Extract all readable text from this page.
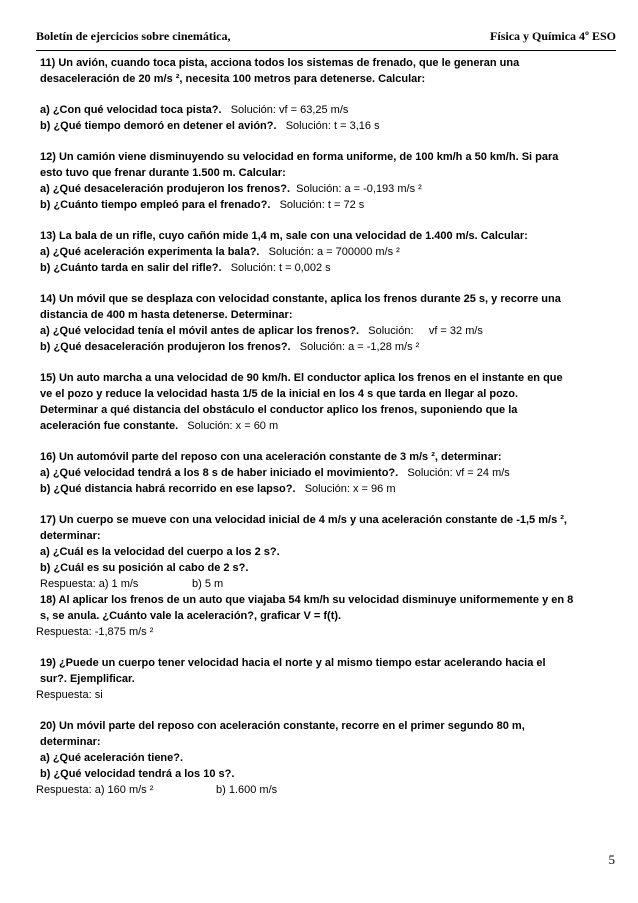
Boletín de ejercicios sobre cinemática,	Física y Química 4º ESO

11) Un avión, cuando toca pista, acciona todos los sistemas de frenado, que le generan una

desaceleración de 20 m/s ², necesita 100 metros para detenerse. Calcular:

a) ¿Con qué velocidad toca pista?. Solución: vf = 63,25 m/s

b) ¿Qué tiempo demoró en detener el avión?. Solución: t = 3,16 s

12) Un camión viene disminuyendo su velocidad en forma uniforme, de 100 km/h a 50 km/h. Si para

esto tuvo que frenar durante 1.500 m. Calcular:

a) ¿Qué desaceleración produjeron los frenos?. Solución: a = -0,193 m/s ²

b) ¿Cuánto tiempo empleó para el frenado?. Solución: t = 72 s

13) La bala de un rifle, cuyo cañón mide 1,4 m, sale con una velocidad de 1.400 m/s. Calcular:

a) ¿Qué aceleración experimenta la bala?. Solución: a = 700000 m/s ²

b) ¿Cuánto tarda en salir del rifle?. Solución: t = 0,002 s

14) Un móvil que se desplaza con velocidad constante, aplica los frenos durante 25 s, y recorre una

distancia de 400 m hasta detenerse. Determinar:

a) ¿Qué velocidad tenía el móvil antes de aplicar los frenos?. Solución:     vf = 32 m/s

b) ¿Qué desaceleración produjeron los frenos?. Solución: a = -1,28 m/s ²

15) Un auto marcha a una velocidad de 90 km/h. El conductor aplica los frenos en el instante en que

ve el pozo y reduce la velocidad hasta 1/5 de la inicial en los 4 s que tarda en llegar al pozo.

Determinar a qué distancia del obstáculo el conductor aplico los frenos, suponiendo que la

aceleración fue constante. Solución: x = 60 m

16) Un automóvil parte del reposo con una aceleración constante de 3 m/s ², determinar:

a) ¿Qué velocidad tendrá a los 8 s de haber iniciado el movimiento?. Solución: vf = 24 m/s

b) ¿Qué distancia habrá recorrido en ese lapso?. Solución: x = 96 m

17) Un cuerpo se mueve con una velocidad inicial de 4 m/s y una aceleración constante de -1,5 m/s ²,

determinar:

a) ¿Cuál es la velocidad del cuerpo a los 2 s?.

b) ¿Cuál es su posición al cabo de 2 s?.

Respuesta: a) 1 m/s	b) 5 m

18) Al aplicar los frenos de un auto que viajaba 54 km/h su velocidad disminuye uniformemente y en 8

s, se anula. ¿Cuánto vale la aceleración?, graficar V = f(t).

Respuesta: -1,875 m/s ²

19) ¿Puede un cuerpo tener velocidad hacia el norte y al mismo tiempo estar acelerando hacia el

sur?. Ejemplificar.

Respuesta: si

20) Un móvil parte del reposo con aceleración constante, recorre en el primer segundo 80 m,

determinar:

a) ¿Qué aceleración tiene?.

b) ¿Qué velocidad tendrá a los 10 s?.

Respuesta: a) 160 m/s ²	b) 1.600 m/s

5
